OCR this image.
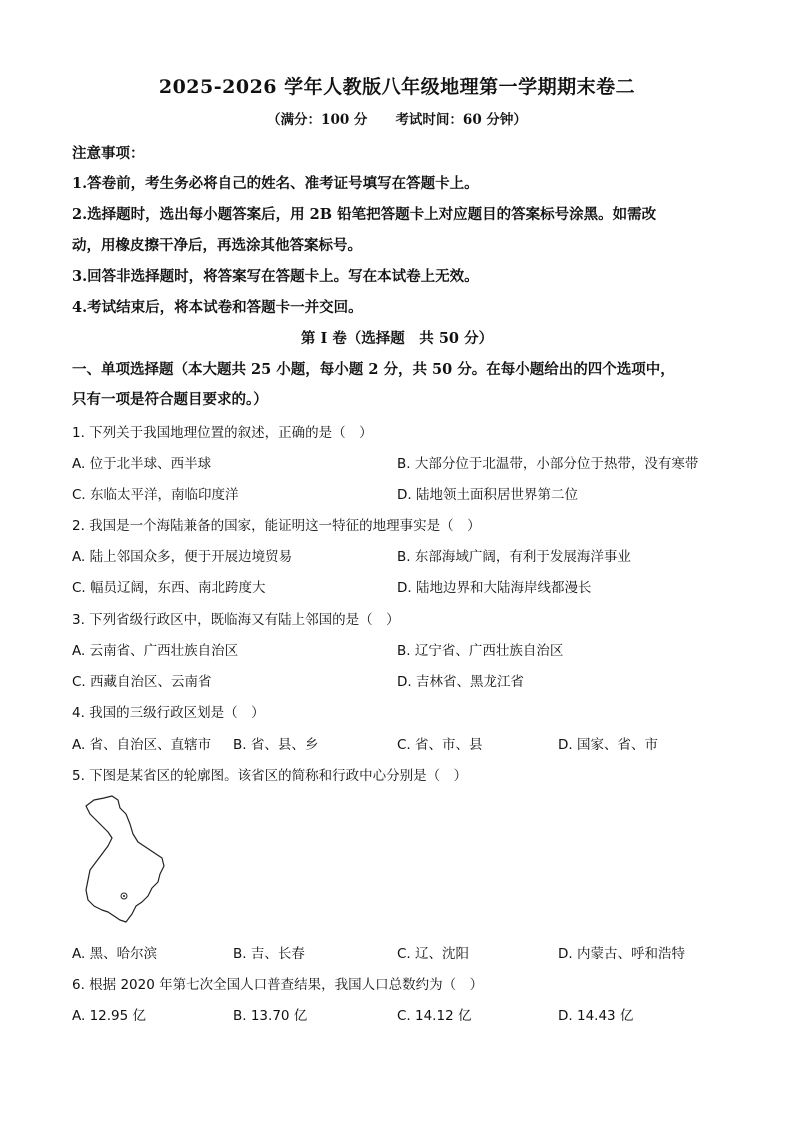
2025-2026 学年人教版八年级地理第一学期期末卷二
（满分：100 分 考试时间：60 分钟）
注意事项：
1.答卷前，考生务必将自己的姓名、准考证号填写在答题卡上。
2.选择题时，选出每小题答案后，用 2B 铅笔把答题卡上对应题目的答案标号涂黑。如需改
动，用橡皮擦干净后，再选涂其他答案标号。
3.回答非选择题时，将答案写在答题卡上。写在本试卷上无效。
4.考试结束后，将本试卷和答题卡一并交回。
第 I 卷（选择题　共 50 分）
一、单项选择题（本大题共 25 小题，每小题 2 分，共 50 分。在每小题给出的四个选项中，
只有一项是符合题目要求的。）
1. 下列关于我国地理位置的叙述，正确的是（　）
A. 位于北半球、西半球	B. 大部分位于北温带，小部分位于热带，没有寒带
C. 东临太平洋，南临印度洋	D. 陆地领土面积居世界第二位
2. 我国是一个海陆兼备的国家，能证明这一特征的地理事实是（　）
A. 陆上邻国众多，便于开展边境贸易	B. 东部海域广阔，有利于发展海洋事业
C. 幅员辽阔，东西、南北跨度大	D. 陆地边界和大陆海岸线都漫长
3. 下列省级行政区中，既临海又有陆上邻国的是（　）
A. 云南省、广西壮族自治区	B. 辽宁省、广西壮族自治区
C. 西藏自治区、云南省	D. 吉林省、黑龙江省
4. 我国的三级行政区划是（　）
A. 省、自治区、直辖市 B. 省、县、乡	C. 省、市、县	D. 国家、省、市
5. 下图是某省区的轮廓图。该省区的简称和行政中心分别是（　）
A. 黑、哈尔滨	B. 吉、长春	C. 辽、沈阳	D. 内蒙古、呼和浩特
6. 根据 2020 年第七次全国人口普查结果，我国人口总数约为（　）
A. 12.95 亿	B. 13.70 亿	C. 14.12 亿	D. 14.43 亿
